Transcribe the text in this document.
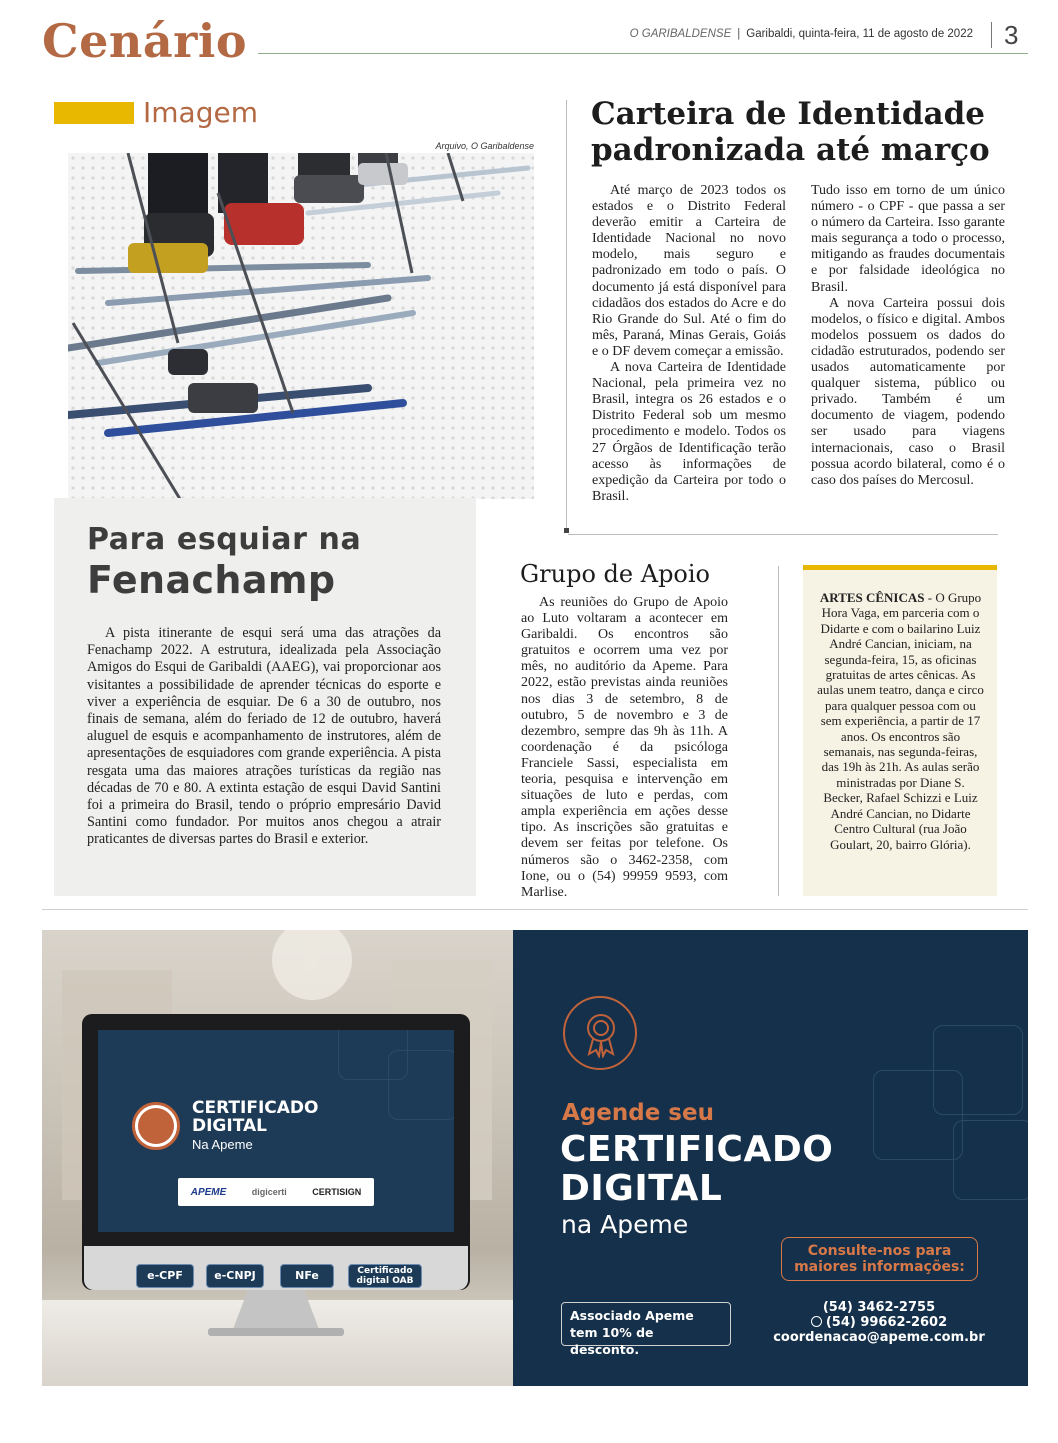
Cenário	O GARIBALDENSE | Garibaldi, quinta-feira, 11 de agosto de 2022 3
Imagem
Arquivo, O Garibaldense
Para esquiar na
Fenachamp
A pista itinerante de esqui será uma das atrações da Fenachamp 2022. A estrutura, idealizada pela Associação Amigos do Esqui de Garibaldi (AAEG), vai proporcionar aos visitantes a possibilidade de aprender técnicas do esporte e viver a experiência de esquiar. De 6 a 30 de outubro, nos finais de semana, além do feriado de 12 de outubro, haverá aluguel de esquis e acompanhamento de instrutores, além de apresentações de esquiadores com grande experiência. A pista resgata uma das maiores atrações turísticas da região nas décadas de 70 e 80. A extinta estação de esqui David Santini foi a primeira do Brasil, tendo o próprio empresário David Santini como fundador. Por muitos anos chegou a atrair praticantes de diversas partes do Brasil e exterior.
Carteira de Identidade
padronizada até março

Até março de 2023 todos os estados e o Distrito Federal deverão emitir a Carteira de Identidade Nacional no novo modelo, mais seguro e padronizado em todo o país. O documento já está disponível para cidadãos dos estados do Acre e do Rio Grande do Sul. Até o fim do mês, Paraná, Minas Gerais, Goiás e o DF devem começar a emissão.

A nova Carteira de Identidade Nacional, pela primeira vez no Brasil, integra os 26 estados e o Distrito Federal sob um mesmo procedimento e modelo. Todos os 27 Órgãos de Identificação terão acesso às informações de expedição da Carteira por todo o Brasil.

Tudo isso em torno de um único número - o CPF - que passa a ser o número da Carteira. Isso garante mais segurança a todo o processo, mitigando as fraudes documentais e por falsidade ideológica no Brasil.

A nova Carteira possui dois modelos, o físico e digital. Ambos modelos possuem os dados do cidadão estruturados, podendo ser usados automaticamente por qualquer sistema, público ou privado. Também é um documento de viagem, podendo ser usado para viagens internacionais, caso o Brasil possua acordo bilateral, como é o caso dos países do Mercosul.

Grupo de Apoio
As reuniões do Grupo de Apoio ao Luto voltaram a acontecer em Garibaldi. Os encontros são gratuitos e ocorrem uma vez por mês, no auditório da Apeme. Para 2022, estão previstas ainda reuniões nos dias 3 de setembro, 8 de outubro, 5 de novembro e 3 de dezembro, sempre das 9h às 11h. A coordenação é da psicóloga Franciele Sassi, especialista em teoria, pesquisa e intervenção em situações de luto e perdas, com ampla experiência em ações desse tipo. As inscrições são gratuitas e devem ser feitas por telefone. Os números são o 3462-2358, com Ione, ou o (54) 99959 9593, com Marlise.
ARTES CÊNICAS - O Grupo Hora Vaga, em parceria com o Didarte e com o bailarino Luiz André Cancian, iniciam, na segunda-feira, 15, as oficinas gratuitas de artes cênicas. As aulas unem teatro, dança e circo para qualquer pessoa com ou sem experiência, a partir de 17 anos. Os encontros são semanais, nas segunda-feiras, das 19h às 21h. As aulas serão ministradas por Diane S. Becker, Rafael Schizzi e Luiz André Cancian, no Didarte Centro Cultural (rua João Goulart, 20, bairro Glória).
CERTIFICADO
DIGITAL
Na Apeme
APEME	digicerti	CERTISIGN
e-CPF	e-CNPJ	NFe	Certificado
digital OAB
Agende seu
CERTIFICADO
DIGITAL
na Apeme
Consulte-nos para
maiores informações:
Associado Apeme tem 10% de desconto.
(54) 3462-2755
(54) 99662-2602
coordenacao@apeme.com.br
